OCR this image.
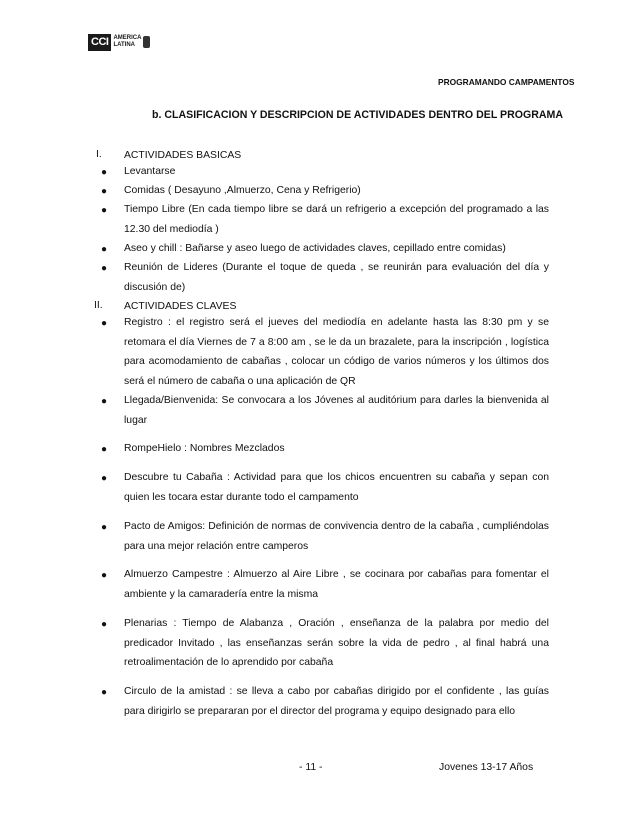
CCI AMERICA
LATINA
PROGRAMANDO CAMPAMENTOS
b. CLASIFICACION Y DESCRIPCION DE ACTIVIDADES DENTRO DEL PROGRAMA
I. ACTIVIDADES BASICAS
● Levantarse
● Comidas ( Desayuno ,Almuerzo, Cena y Refrigerio)
● Tiempo Libre (En cada tiempo libre se dará un refrigerio a excepción del programado a las 12.30 del mediodía )
● Aseo y chill : Bañarse y aseo luego de actividades claves, cepillado entre comidas)
● Reunión de Lideres (Durante el toque de queda , se reunirán para evaluación del día y discusión de)
II. ACTIVIDADES CLAVES
● Registro : el registro será el jueves del mediodía en adelante hasta las 8:30 pm y se retomara el día Viernes de 7 a 8:00 am , se le da un brazalete, para la inscripción , logística para acomodamiento de cabañas , colocar un código de varios números y los últimos dos será el número de cabaña o una aplicación de QR
● Llegada/Bienvenida: Se convocara a los Jóvenes al auditórium para darles la bienvenida al lugar
● RompeHielo : Nombres Mezclados
● Descubre tu Cabaña : Actividad para que los chicos encuentren su cabaña y sepan con quien les tocara estar durante todo el campamento
● Pacto de Amigos: Definición de normas de convivencia dentro de la cabaña , cumpliéndolas para una mejor relación entre camperos
● Almuerzo Campestre : Almuerzo al Aire Libre , se cocinara por cabañas para fomentar el ambiente y la camaradería entre la misma
● Plenarias : Tiempo de Alabanza , Oración , enseñanza de la palabra por medio del predicador Invitado , las enseñanzas serán sobre la vida de pedro , al final habrá una retroalimentación de lo aprendido por cabaña
● Circulo de la amistad : se lleva a cabo por cabañas dirigido por el confidente , las guías para dirigirlo se prepararan por el director del programa y equipo designado para ello
- 11 -	Jovenes 13-17 Años
